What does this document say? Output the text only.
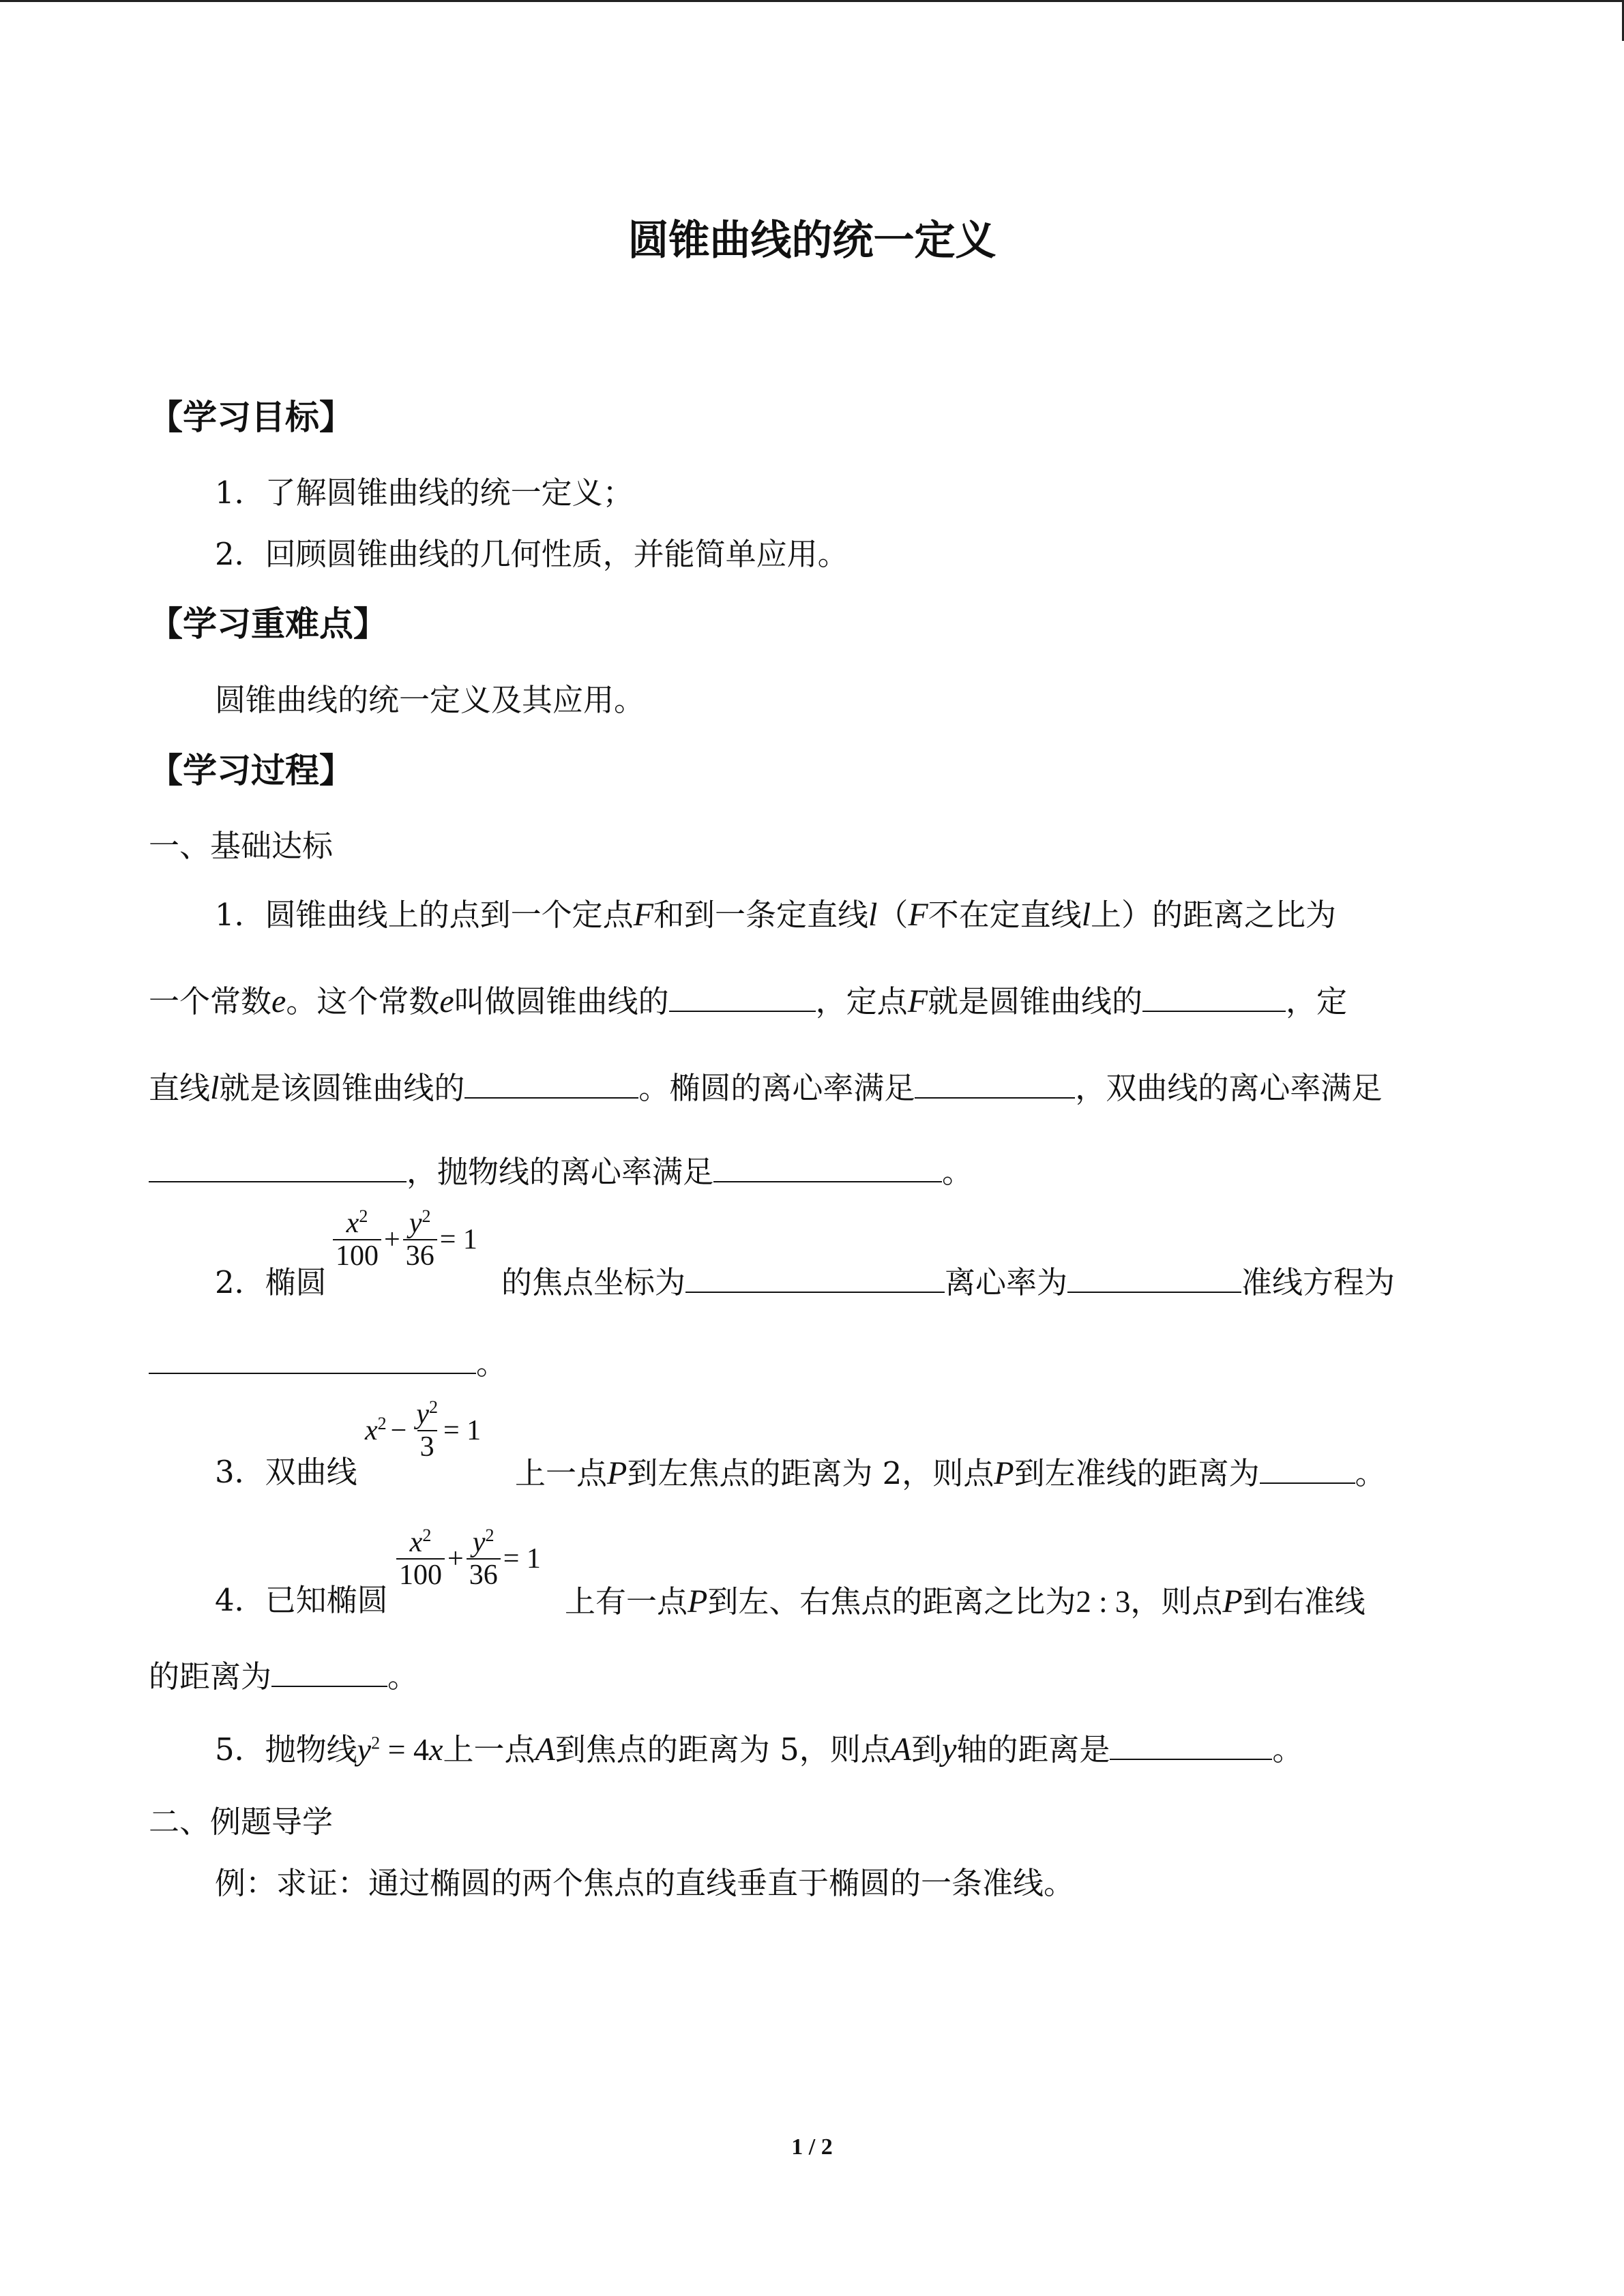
圆锥曲线的统一定义
【学习目标】
1．了解圆锥曲线的统一定义；
2．回顾圆锥曲线的几何性质，并能简单应用。
【学习重难点】
圆锥曲线的统一定义及其应用。
【学习过程】
一、基础达标
1．圆锥曲线上的点到一个定点F和到一条定直线l（F不在定直线l上）的距离之比为
一个常数e。这个常数e叫做圆锥曲线的	，定点F就是圆锥曲线的	，定
直线l就是该圆锥曲线的	。椭圆的离心率满足	，双曲线的离心率满足
，抛物线的离心率满足	。
2．椭圆
$\frac{x^2}{100} + \frac{y^2}{36} = 1$
的焦点坐标为	离心率为	准线方程为
。
3．双曲线
$x^2 - \frac{y^2}{3} = 1$
上一点P到左焦点的距离为 2，则点P到左准线的距离为	。
4．已知椭圆
$\frac{x^2}{100} + \frac{y^2}{36} = 1$
上有一点P到左、右焦点的距离之比为2 : 3，则点P到右准线
的距离为	。
5．抛物线$y^2 = 4x$上一点A到焦点的距离为 5，则点A到y轴的距离是	。
二、例题导学
例：求证：通过椭圆的两个焦点的直线垂直于椭圆的一条准线。
1 / 2
